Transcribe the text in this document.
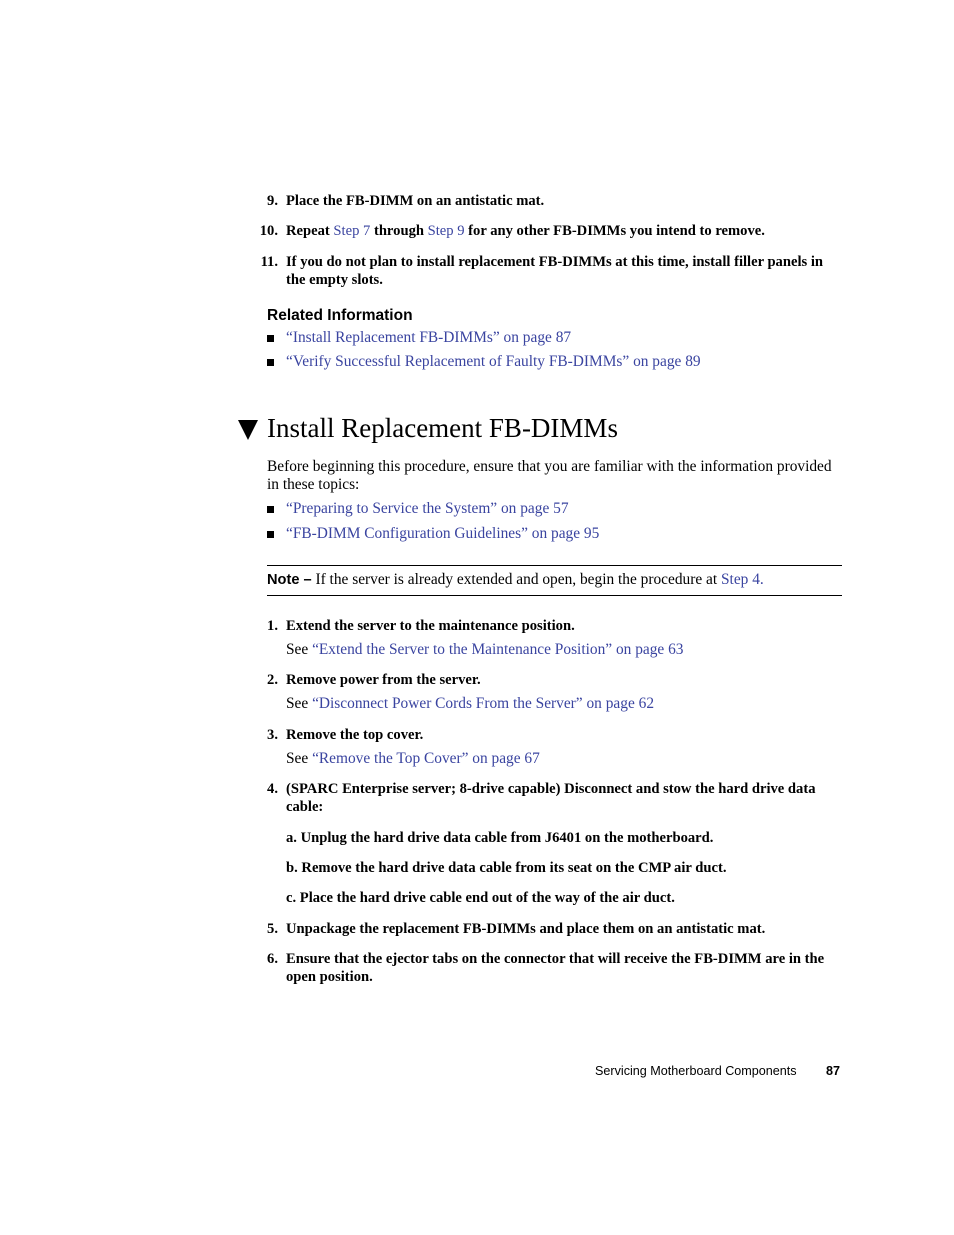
9. Place the FB-DIMM on an antistatic mat.
10. Repeat Step 7 through Step 9 for any other FB-DIMMs you intend to remove.
11. If you do not plan to install replacement FB-DIMMs at this time, install filler panels in the empty slots.
Related Information
“Install Replacement FB-DIMMs” on page 87
“Verify Successful Replacement of Faulty FB-DIMMs” on page 89
Install Replacement FB-DIMMs
Before beginning this procedure, ensure that you are familiar with the information provided in these topics:
“Preparing to Service the System” on page 57
“FB-DIMM Configuration Guidelines” on page 95
Note – If the server is already extended and open, begin the procedure at Step 4.
1. Extend the server to the maintenance position.
See “Extend the Server to the Maintenance Position” on page 63
2. Remove power from the server.
See “Disconnect Power Cords From the Server” on page 62
3. Remove the top cover.
See “Remove the Top Cover” on page 67
4. (SPARC Enterprise server; 8-drive capable) Disconnect and stow the hard drive data cable:
a. Unplug the hard drive data cable from J6401 on the motherboard.
b. Remove the hard drive data cable from its seat on the CMP air duct.
c. Place the hard drive cable end out of the way of the air duct.
5. Unpackage the replacement FB-DIMMs and place them on an antistatic mat.
6. Ensure that the ejector tabs on the connector that will receive the FB-DIMM are in the open position.
Servicing Motherboard Components 87
